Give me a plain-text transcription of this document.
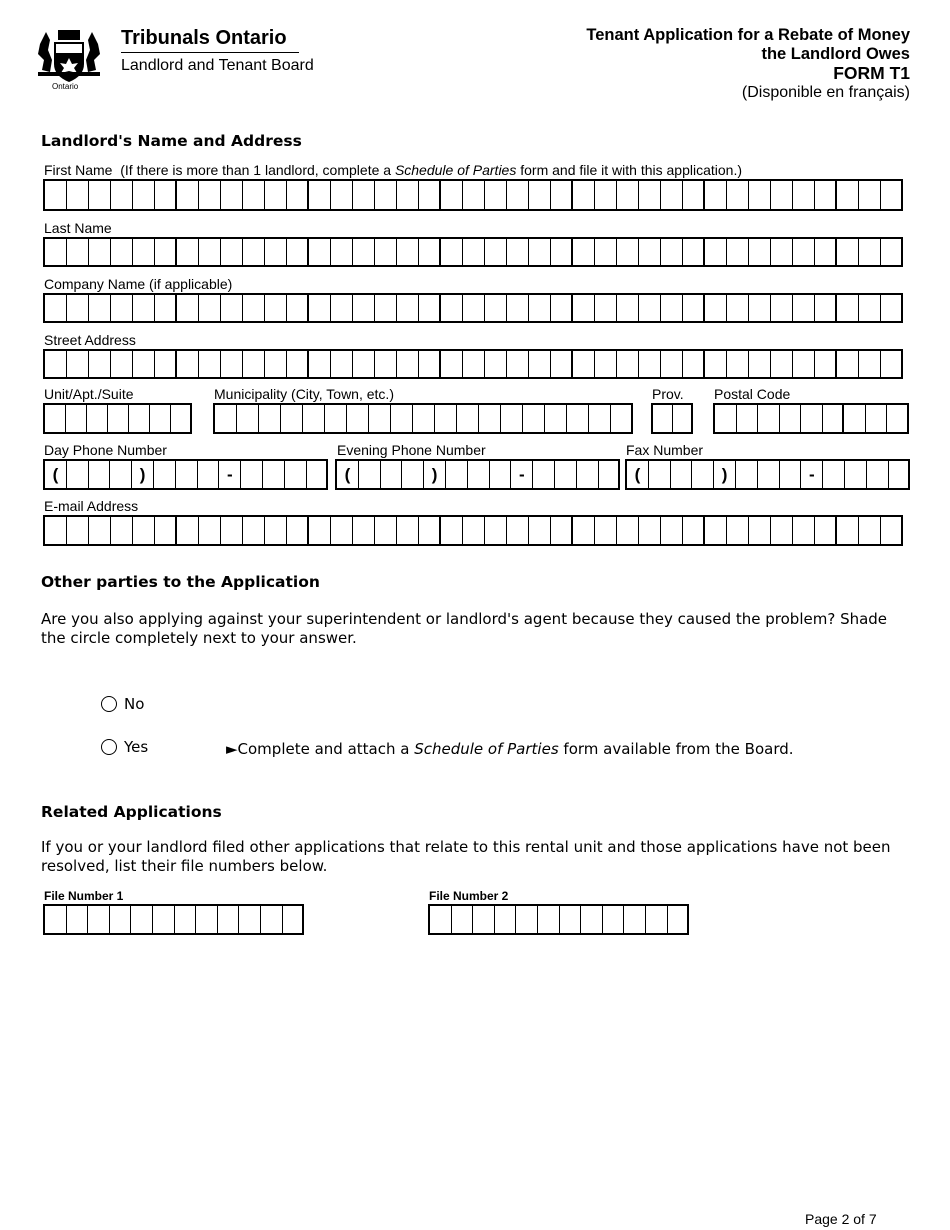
Ontario
Tribunals Ontario
Landlord and Tenant Board
Tenant Application for a Rebate of Money
the Landlord Owes
FORM T1
(Disponible en français)
Landlord's Name and Address
First Name (If there is more than 1 landlord, complete a Schedule of Parties form and file it with this application.)
Last Name
Company Name (if applicable)
Street Address
Unit/Apt./Suite	Municipality (City, Town, etc.)	Prov. Postal Code
Day Phone Number	Evening Phone Number	Fax Number
(	)	-	(	)	-	(	)	-
E-mail Address
Other parties to the Application
Are you also applying against your superintendent or landlord's agent because they caused the problem? Shade the circle completely next to your answer.
No
Yes	►Complete and attach a Schedule of Parties form available from the Board.
Related Applications
If you or your landlord filed other applications that relate to this rental unit and those applications have not been resolved, list their file numbers below.
File Number 1	File Number 2
Page 2 of 7
